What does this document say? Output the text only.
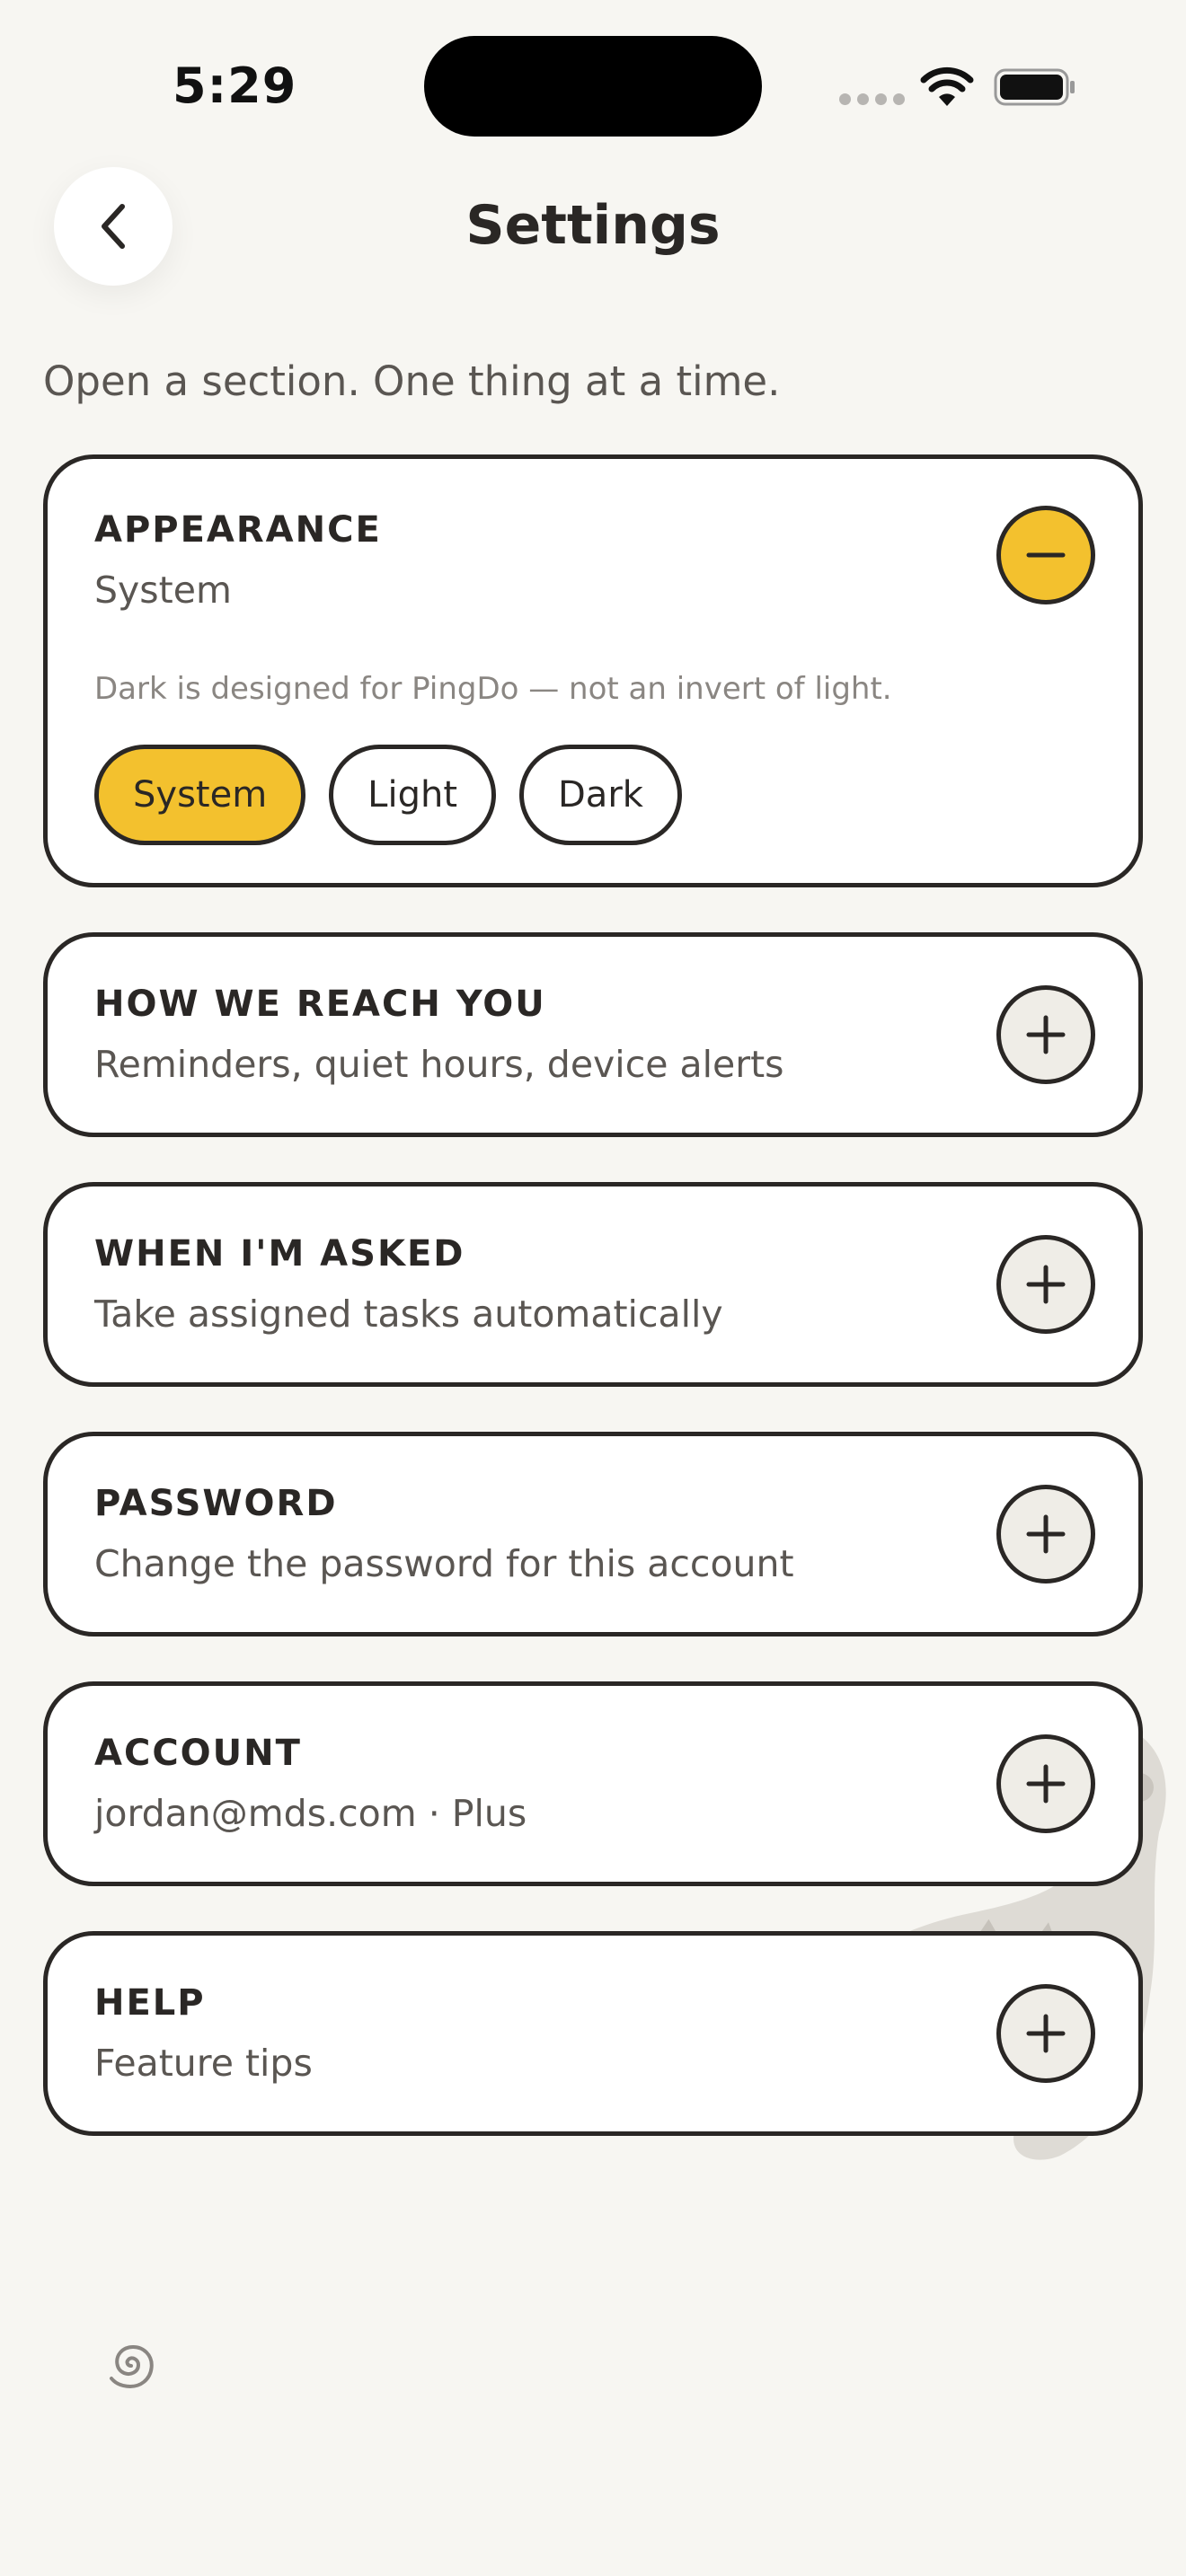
5:29
Settings
Open a section. One thing at a time.
APPEARANCE
System
Dark is designed for PingDo — not an invert of light.
System	Light	Dark
HOW WE REACH YOU
Reminders, quiet hours, device alerts
WHEN I'M ASKED
Take assigned tasks automatically
PASSWORD
Change the password for this account
ACCOUNT
jordan@mds.com · Plus
HELP
Feature tips
